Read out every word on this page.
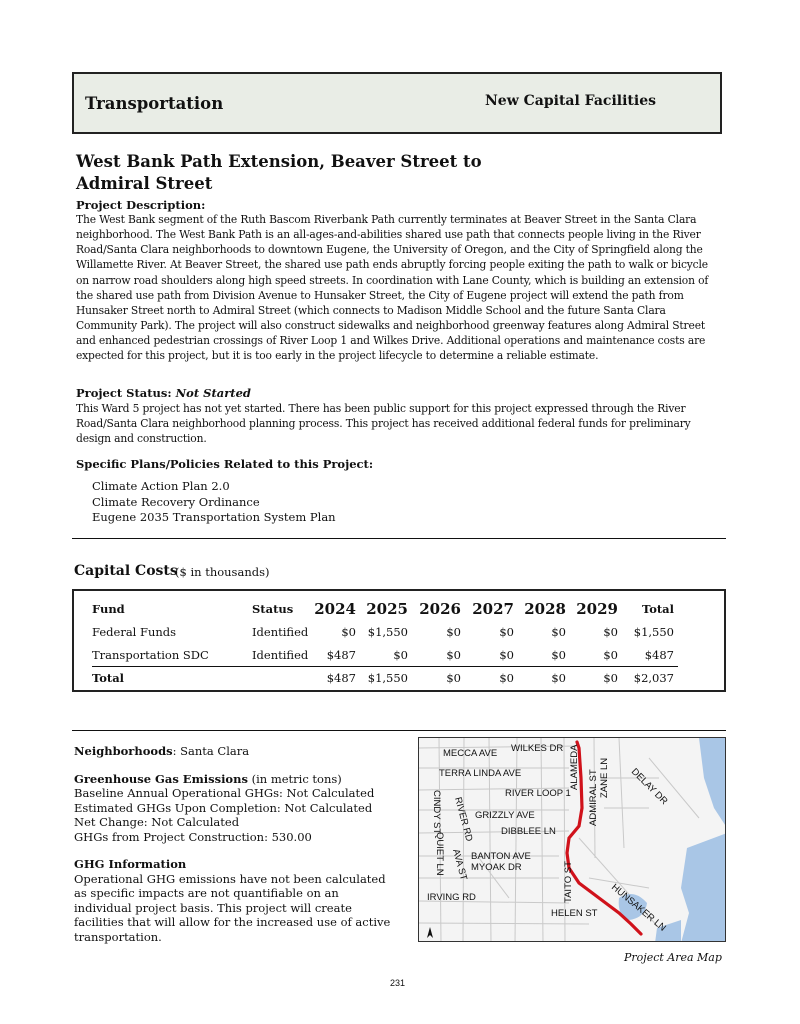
Transportation	New Capital Facilities
West Bank Path Extension, Beaver Street to
Admiral Street
Project Description:
The West Bank segment of the Ruth Bascom Riverbank Path currently terminates at Beaver Street in the Santa Clara neighborhood. The West Bank Path is an all-ages-and-abilities shared use path that connects people living in the River Road/Santa Clara neighborhoods to downtown Eugene, the University of Oregon, and the City of Springfield along the Willamette River. At Beaver Street, the shared use path ends abruptly forcing people exiting the path to walk or bicycle on narrow road shoulders along high speed streets. In coordination with Lane County, which is building an extension of the shared use path from Division Avenue to Hunsaker Street, the City of Eugene project will extend the path from Hunsaker Street north to Admiral Street (which connects to Madison Middle School and the future Santa Clara Community Park). The project will also construct sidewalks and neighborhood greenway features along Admiral Street and enhanced pedestrian crossings of River Loop 1 and Wilkes Drive. Additional operations and maintenance costs are expected for this project, but it is too early in the project lifecycle to determine a reliable estimate.
Project Status: Not Started
This Ward 5 project has not yet started. There has been public support for this project expressed through the River Road/Santa Clara neighborhood planning process. This project has received additional federal funds for preliminary design and construction.
Specific Plans/Policies Related to this Project:
Climate Action Plan 2.0
Climate Recovery Ordinance
Eugene 2035 Transportation System Plan
Capital Costs
($ in thousands)
Fund	Status	2024	2025	2026	2027	2028	2029	Total
Federal Funds	Identified	$0	$1,550	$0	$0	$0	$0	$1,550
Transportation SDC	Identified	$487	$0	$0	$0	$0	$0	$487
Total		$487	$1,550	$0	$0	$0	$0	$2,037

Neighborhoods: Santa Clara

Greenhouse Gas Emissions (in metric tons)

Baseline Annual Operational GHGs: Not Calculated

Estimated GHGs Upon Completion: Not Calculated

Net Change: Not Calculated

GHGs from Project Construction: 530.00

GHG Information

Operational GHG emissions have not been calculated as specific impacts are not quantifiable on an individual project basis. This project will create facilities that will allow for the increased use of active transportation.

WILKES DR
MECCA AVE	ALAMEDA
TERRA LINDA AVE	ZANE LN DELAY DR
RIVER LOOP 1 ADMIRAL ST
GRIZZLY AVE
CINDY ST RIVER RD	DIBBLEE LN
QUIET LN	BANTON AVE
AVA ST MYOAK DR	TAITO ST
IRVING RD	HUNSAKER LN
HELEN ST
Project Area Map
231
